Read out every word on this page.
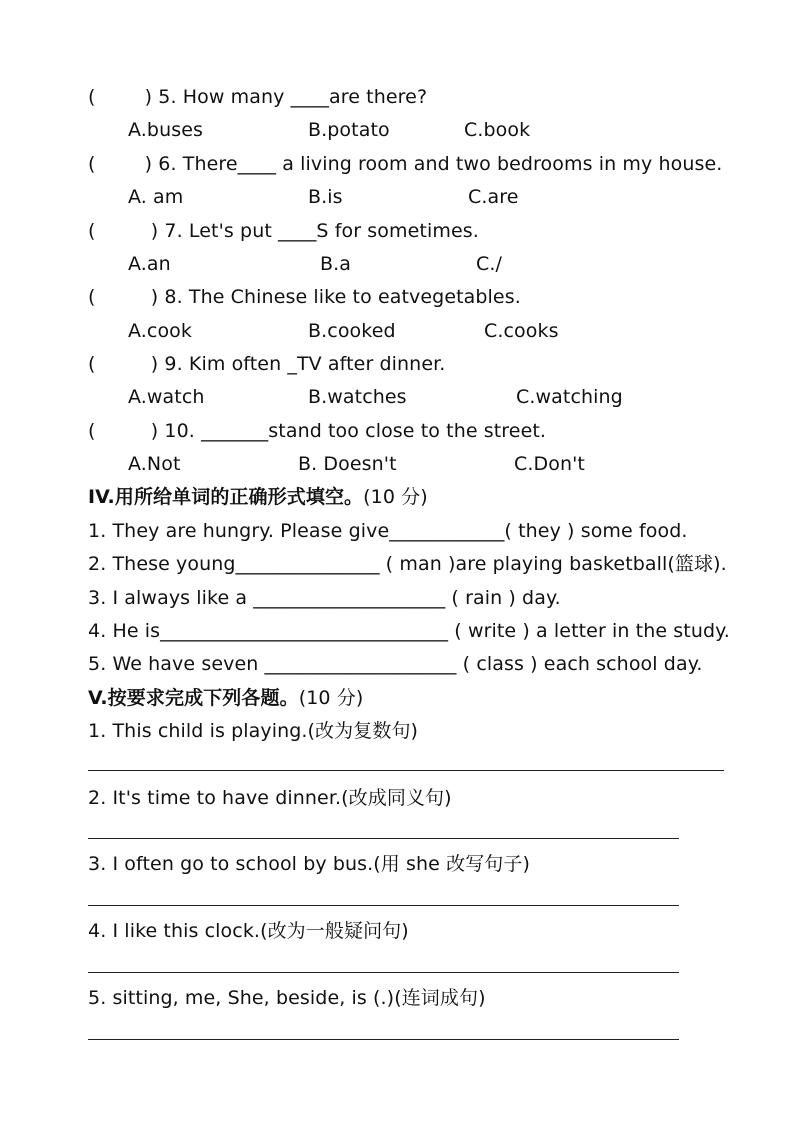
(        ) 5. How many ____are there?
A.buses	B.potato	C.book
(        ) 6. There____ a living room and two bedrooms in my house.
A. am	B.is	C.are
(         ) 7. Let's put ____S for sometimes.
A.an	B.a	C./
(         ) 8. The Chinese like to eatvegetables.
A.cook	B.cooked	C.cooks
(         ) 9. Kim often _TV after dinner.
A.watch	B.watches	C.watching
(         ) 10. _______stand too close to the street.
A.Not	B. Doesn't	C.Don't
IV.用所给单词的正确形式填空。(10 分)
1. They are hungry. Please give____________( they ) some food.
2. These young_______________ ( man )are playing basketball(篮球).
3. I always like a ____________________ ( rain ) day.
4. He is______________________________ ( write ) a letter in the study.
5. We have seven ____________________ ( class ) each school day.
V.按要求完成下列各题。(10 分)
1. This child is playing.(改为复数句)
2. It's time to have dinner.(改成同义句)
3. I often go to school by bus.(用 she 改写句子)
4. I like this clock.(改为一般疑问句)
5. sitting, me, She, beside, is (.)(连词成句)
